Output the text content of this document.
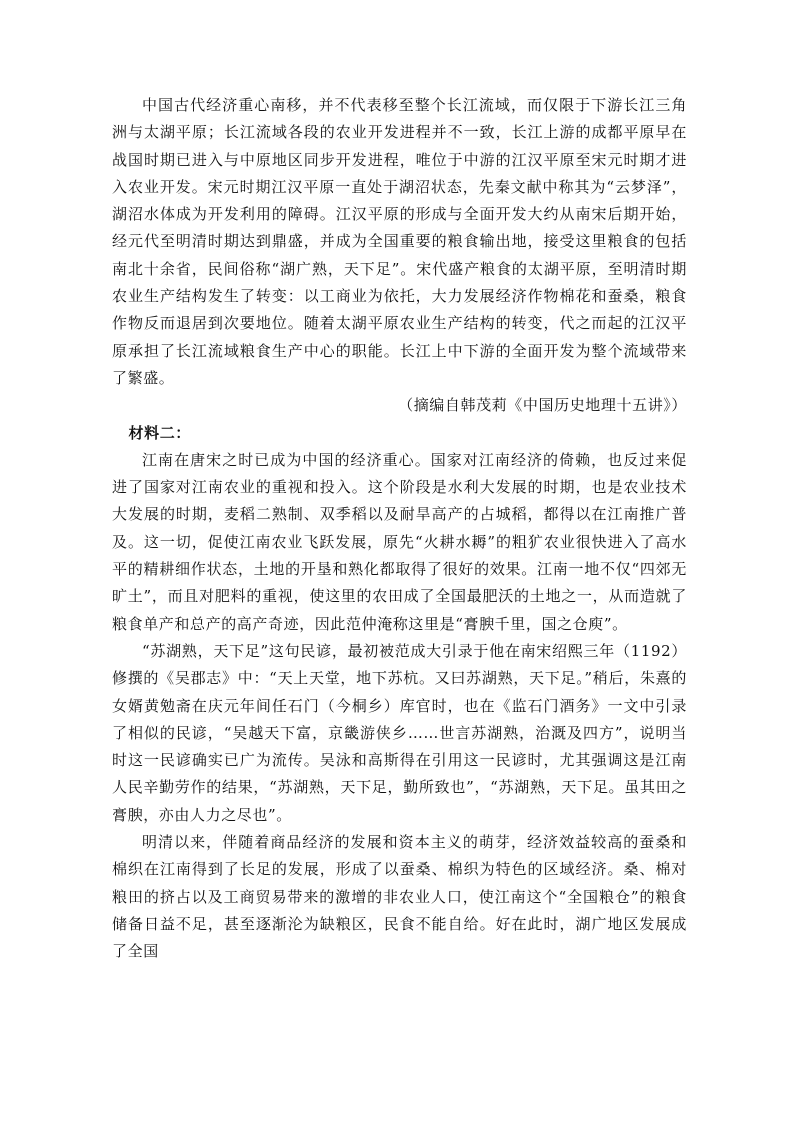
中国古代经济重心南移，并不代表移至整个长江流域，而仅限于下游长江三角洲与太湖平原；长江流域各段的农业开发进程并不一致，长江上游的成都平原早在战国时期已进入与中原地区同步开发进程，唯位于中游的江汉平原至宋元时期才进入农业开发。宋元时期江汉平原一直处于湖沼状态，先秦文献中称其为“云梦泽”，湖沼水体成为开发利用的障碍。江汉平原的形成与全面开发大约从南宋后期开始，经元代至明清时期达到鼎盛，并成为全国重要的粮食输出地，接受这里粮食的包括南北十余省，民间俗称“湖广熟，天下足”。宋代盛产粮食的太湖平原，至明清时期农业生产结构发生了转变：以工商业为依托，大力发展经济作物棉花和蚕桑，粮食作物反而退居到次要地位。随着太湖平原农业生产结构的转变，代之而起的江汉平原承担了长江流域粮食生产中心的职能。长江上中下游的全面开发为整个流域带来了繁盛。

（摘编自韩茂莉《中国历史地理十五讲》）

材料二：

江南在唐宋之时已成为中国的经济重心。国家对江南经济的倚赖，也反过来促进了国家对江南农业的重视和投入。这个阶段是水利大发展的时期，也是农业技术大发展的时期，麦稻二熟制、双季稻以及耐旱高产的占城稻，都得以在江南推广普及。这一切，促使江南农业飞跃发展，原先“火耕水耨”的粗犷农业很快进入了高水平的精耕细作状态，土地的开垦和熟化都取得了很好的效果。江南一地不仅“四郊无旷土”，而且对肥料的重视，使这里的农田成了全国最肥沃的土地之一，从而造就了粮食单产和总产的高产奇迹，因此范仲淹称这里是“膏腴千里，国之仓庾”。

“苏湖熟，天下足”这句民谚，最初被范成大引录于他在南宋绍熙三年（1192）修撰的《吴郡志》中：“天上天堂，地下苏杭。又曰苏湖熟，天下足。”稍后，朱熹的女婿黄勉斋在庆元年间任石门（今桐乡）库官时，也在《监石门酒务》一文中引录了相似的民谚，“吴越天下富，京畿游侠乡……世言苏湖熟，治溉及四方”，说明当时这一民谚确实已广为流传。吴泳和高斯得在引用这一民谚时，尤其强调这是江南人民辛勤劳作的结果，“苏湖熟，天下足，勤所致也”，“苏湖熟，天下足。虽其田之膏腴，亦由人力之尽也”。

明清以来，伴随着商品经济的发展和资本主义的萌芽，经济效益较高的蚕桑和棉织在江南得到了长足的发展，形成了以蚕桑、棉织为特色的区域经济。桑、棉对粮田的挤占以及工商贸易带来的激增的非农业人口，使江南这个“全国粮仓”的粮食储备日益不足，甚至逐渐沦为缺粮区，民食不能自给。好在此时，湖广地区发展成了全国
